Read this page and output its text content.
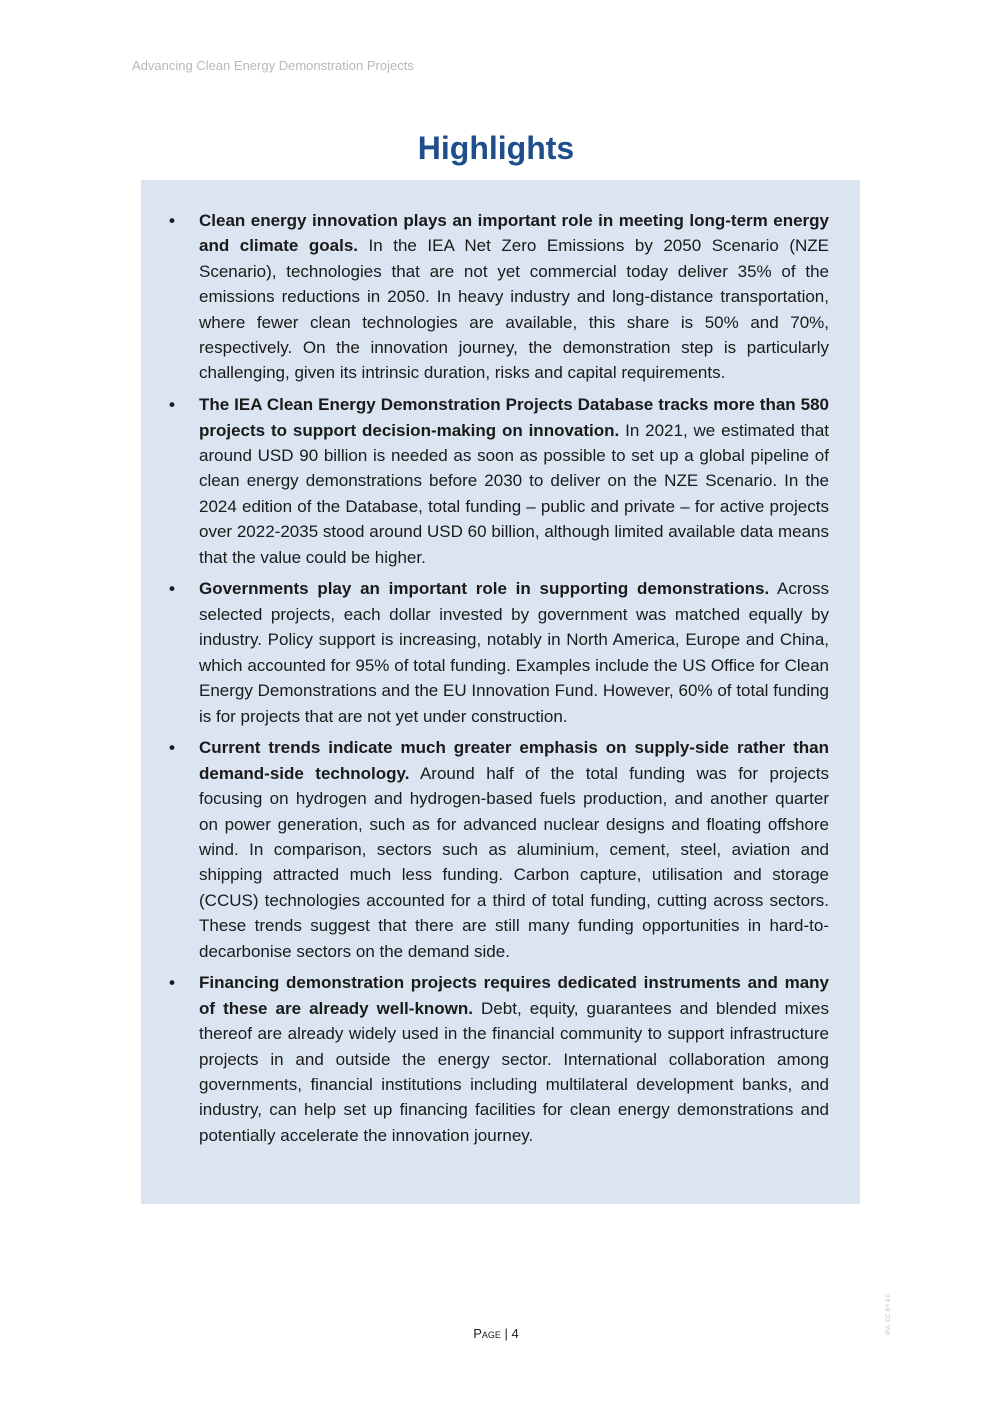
Advancing Clean Energy Demonstration Projects
Highlights
• Clean energy innovation plays an important role in meeting long-term energy and climate goals. In the IEA Net Zero Emissions by 2050 Scenario (NZE Scenario), technologies that are not yet commercial today deliver 35% of the emissions reductions in 2050. In heavy industry and long-distance transportation, where fewer clean technologies are available, this share is 50% and 70%, respectively. On the innovation journey, the demonstration step is particularly challenging, given its intrinsic duration, risks and capital requirements.
• The IEA Clean Energy Demonstration Projects Database tracks more than 580 projects to support decision-making on innovation. In 2021, we estimated that around USD 90 billion is needed as soon as possible to set up a global pipeline of clean energy demonstrations before 2030 to deliver on the NZE Scenario. In the 2024 edition of the Database, total funding – public and private – for active projects over 2022-2035 stood around USD 60 billion, although limited available data means that the value could be higher.
• Governments play an important role in supporting demonstrations. Across selected projects, each dollar invested by government was matched equally by industry. Policy support is increasing, notably in North America, Europe and China, which accounted for 95% of total funding. Examples include the US Office for Clean Energy Demonstrations and the EU Innovation Fund. However, 60% of total funding is for projects that are not yet under construction.
• Current trends indicate much greater emphasis on supply-side rather than demand-side technology. Around half of the total funding was for projects focusing on hydrogen and hydrogen-based fuels production, and another quarter on power generation, such as for advanced nuclear designs and floating offshore wind. In comparison, sectors such as aluminium, cement, steel, aviation and shipping attracted much less funding. Carbon capture, utilisation and storage (CCUS) technologies accounted for a third of total funding, cutting across sectors. These trends suggest that there are still many funding opportunities in hard-to-decarbonise sectors on the demand side.
• Financing demonstration projects requires dedicated instruments and many of these are already well-known. Debt, equity, guarantees and blended mixes thereof are already widely used in the financial community to support infrastructure projects in and outside the energy sector. International collaboration among governments, financial institutions including multilateral development banks, and industry, can help set up financing facilities for clean energy demonstrations and potentially accelerate the innovation journey.
Page | 4	IEA. CC BY 4.0.
